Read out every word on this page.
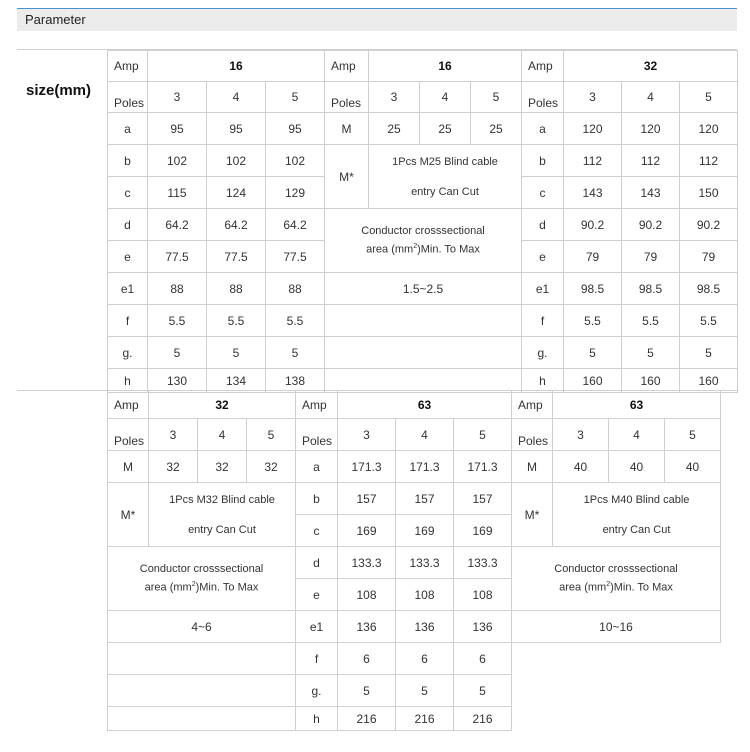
Parameter
size(mm)
Amp	16		
Poles	3	4	5
a	95	95	95
b	102	102	102
c	115	124	129
d	64.2	64.2	64.2
e	77.5	77.5	77.5
e1	88	88	88
f	5.5	5.5	5.5
g.	5	5	5
h	130	134	138
Amp	16		
Poles	3	4	5
M	25	25	25
M*	1Pcs M25 Blind cable
entry Can Cut		

Conductor crosssectional
area $(mm^2)Min$. To Max			

1.5~2.5			

Amp	32		
Poles	3	4	5
a	120	120	120
b	112	112	112
c	143	143	150
d	90.2	90.2	90.2
e	79	79	79
e1	98.5	98.5	98.5
f	5.5	5.5	5.5
g.	5	5	5
h	160	160	160
Amp	32		
Poles	3	4	5
M	32	32	32
M*	1Pcs M32 Blind cable
entry Can Cut		

Conductor crosssectional
area $(mm^2)Min$. To Max			

4~6			

Amp	63		
Poles	3	4	5
a	171.3	171.3	171.3
b	157	157	157
c	169	169	169
d	133.3	133.3	133.3
e	108	108	108
e1	136	136	136
f	6	6	6
g.	5	5	5
h	216	216	216
Amp	63		
Poles	3	4	5
M	40	40	40
M*	1Pcs M40 Blind cable
entry Can Cut		

Conductor crosssectional
area $(mm^2)Min$. To Max			

10~16			
